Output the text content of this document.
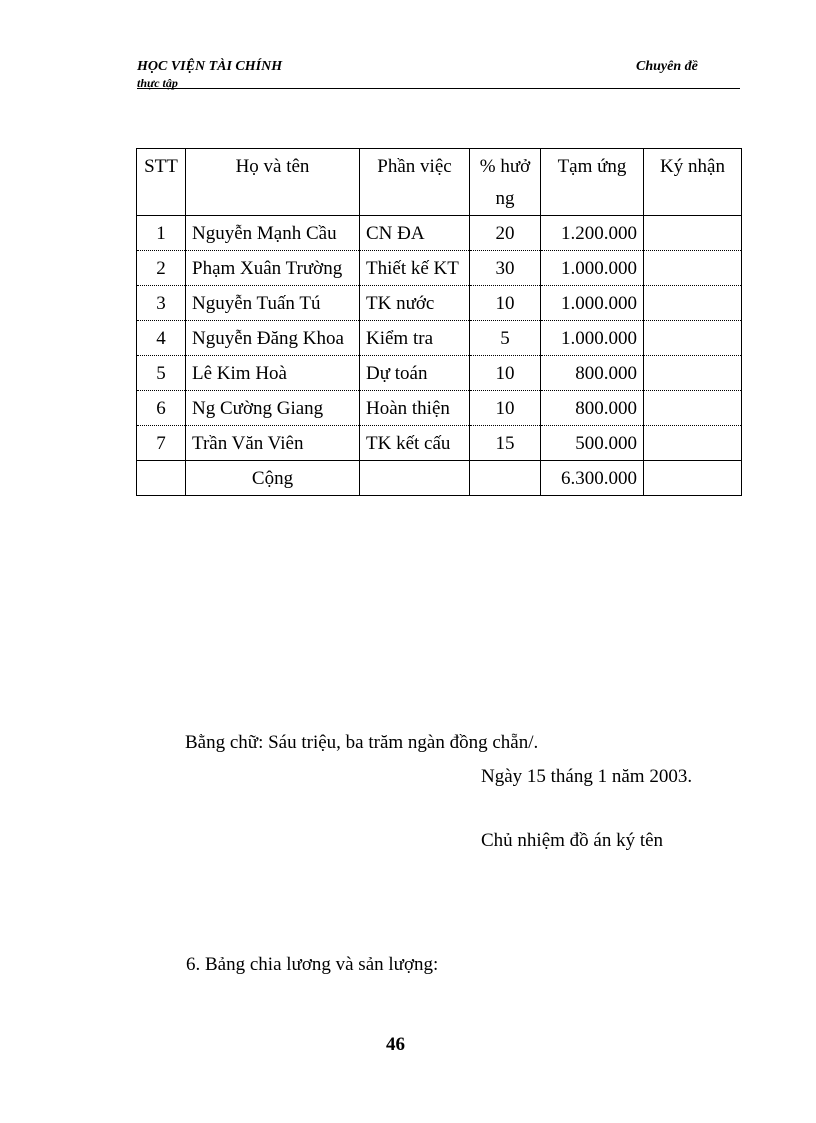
HỌC VIỆN TÀI CHÍNH
thực tập
Chuyên đề
STT	Họ và tên	Phần việc	% hưởng	Tạm ứng	Ký nhận
1	Nguyễn Mạnh Cầu	CN ĐA	20	1.200.000	
2	Phạm Xuân Trường	Thiết kế KT	30	1.000.000	
3	Nguyễn Tuấn Tú	TK nước	10	1.000.000	
4	Nguyễn Đăng Khoa	Kiểm tra	5	1.000.000	
5	Lê Kim Hoà	Dự toán	10	800.000	
6	Ng Cường Giang	Hoàn thiện	10	800.000	
7	Trần Văn Viên	TK kết cấu	15	500.000	
	Cộng			6.300.000	
Bằng chữ: Sáu triệu, ba trăm ngàn đồng chẵn/.
Ngày 15 tháng 1 năm 2003.
Chủ nhiệm đồ án ký tên
6. Bảng chia lương và sản lượng:
46
